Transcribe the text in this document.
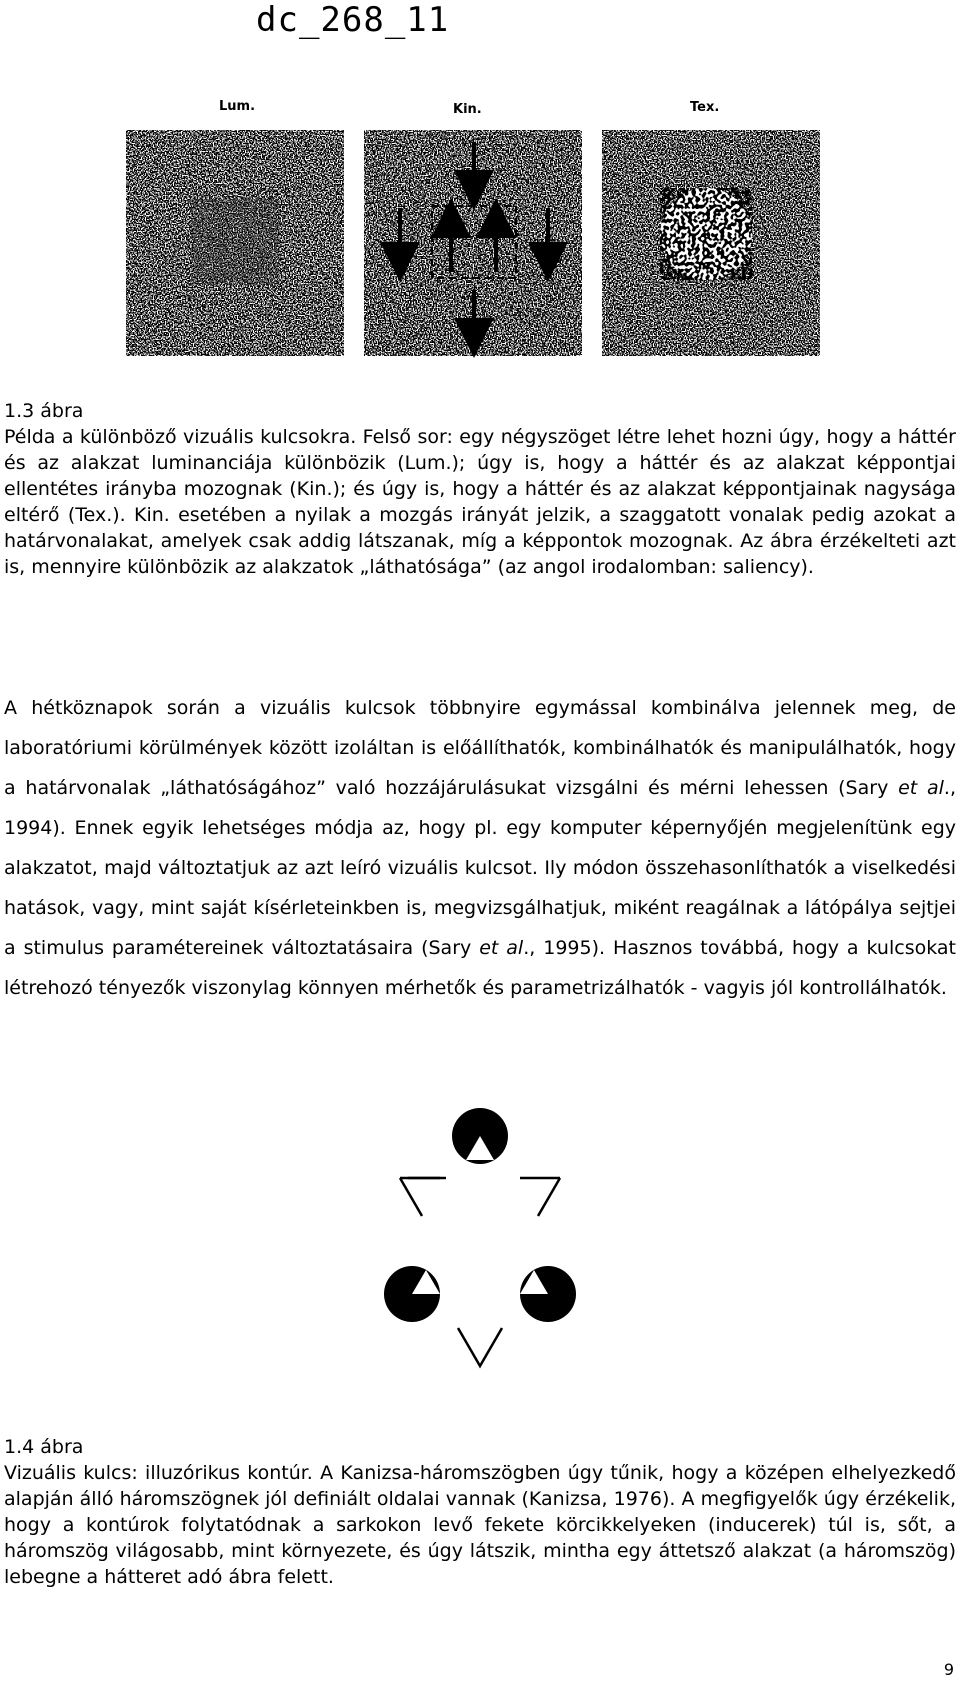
dc_268_11
Lum.	Kin.	Tex.
1.3 ábra
Példa a különböző vizuális kulcsokra. Felső sor: egy négyszöget létre lehet hozni úgy, hogy a háttér és az alakzat luminanciája különbözik (Lum.); úgy is, hogy a háttér és az alakzat képpontjai ellentétes irányba mozognak (Kin.); és úgy is, hogy a háttér és az alakzat képpontjainak nagysága eltérő (Tex.). Kin. esetében a nyilak a mozgás irányát jelzik, a szaggatott vonalak pedig azokat a határvonalakat, amelyek csak addig látszanak, míg a képpontok mozognak. Az ábra érzékelteti azt is, mennyire különbözik az alakzatok „láthatósága” (az angol irodalomban: saliency).
A hétköznapok során a vizuális kulcsok többnyire egymással kombinálva jelennek meg, de laboratóriumi körülmények között izoláltan is előállíthatók, kombinálhatók és manipulálhatók, hogy a határvonalak „láthatóságához” való hozzájárulásukat vizsgálni és mérni lehessen (Sary et al., 1994). Ennek egyik lehetséges módja az, hogy pl. egy komputer képernyőjén megjelenítünk egy alakzatot, majd változtatjuk az azt leíró vizuális kulcsot. Ily módon összehasonlíthatók a viselkedési hatások, vagy, mint saját kísérleteinkben is, megvizsgálhatjuk, miként reagálnak a látópálya sejtjei a stimulus paramétereinek változtatásaira (Sary et al., 1995). Hasznos továbbá, hogy a kulcsokat létrehozó tényezők viszonylag könnyen mérhetők és parametrizálhatók - vagyis jól kontrollálhatók.
1.4 ábra
Vizuális kulcs: illuzórikus kontúr. A Kanizsa-háromszögben úgy tűnik, hogy a középen elhelyezkedő alapján álló háromszögnek jól definiált oldalai vannak (Kanizsa, 1976). A megfigyelők úgy érzékelik, hogy a kontúrok folytatódnak a sarkokon levő fekete körcikkelyeken (inducerek) túl is, sőt, a háromszög világosabb, mint környezete, és úgy látszik, mintha egy áttetsző alakzat (a háromszög) lebegne a hátteret adó ábra felett.
9
